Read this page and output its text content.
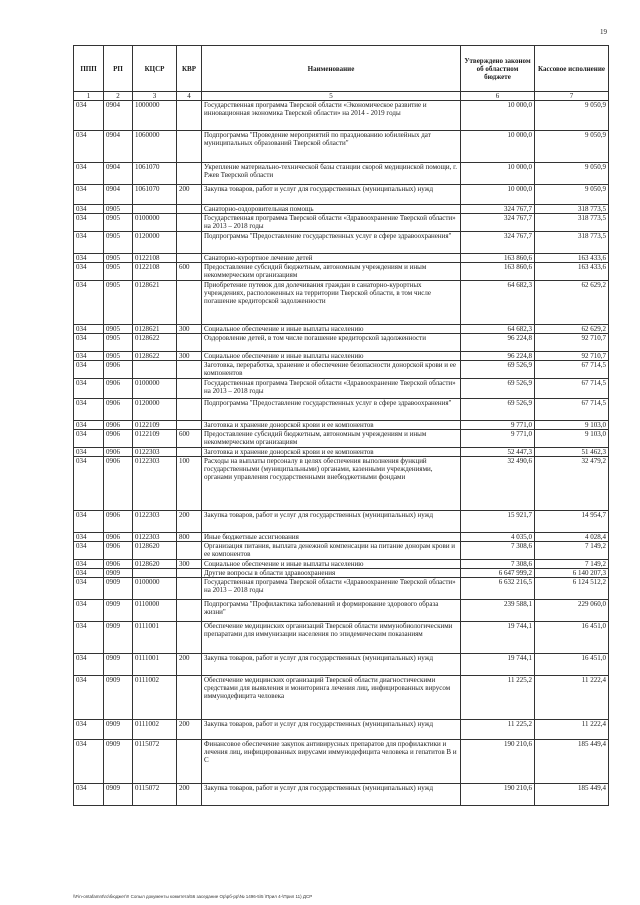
19
ППП	РП	КЦСР	КВР	Наименование	Утверждено законом об областном бюджете	Кассовое исполнение
1	2	3	4	5	6	7
034	0904	1000000		Государственная программа Тверской области «Экономическое развитие и инновационная экономика Тверской области» на 2014 - 2019 годы	10 000,0	9 050,9
034	0904	1060000		Подпрограмма "Проведение мероприятий по празднованию юбилейных дат муниципальных образований Тверской области"	10 000,0	9 050,9
034	0904	1061070		Укрепление материально-технической базы станции скорой медицинской помощи, г. Ржев Тверской области	10 000,0	9 050,9
034	0904	1061070	200	Закупка товаров, работ и услуг для государственных (муниципальных) нужд	10 000,0	9 050,9
034	0905			Санаторно-оздоровительная помощь	324 767,7	318 773,5
034	0905	0100000		Государственная программа Тверской области «Здравоохранение Тверской области» на 2013 – 2018 годы	324 767,7	318 773,5
034	0905	0120000		Подпрограмма "Предоставление государственных услуг в сфере здравоохранения"	324 767,7	318 773,5
034	0905	0122108		Санаторно-курортное лечение детей	163 860,6	163 433,6
034	0905	0122108	600	Предоставление субсидий бюджетным, автономным учреждениям и иным некоммерческим организациям	163 860,6	163 433,6
034	0905	0128621		Приобретение путевок для долечивания граждан в санаторно-курортных учреждениях, расположенных на территории Тверской области, в том числе погашение кредиторской задолженности	64 682,3	62 629,2
034	0905	0128621	300	Социальное обеспечение и иные выплаты населению	64 682,3	62 629,2
034	0905	0128622		Оздоровление детей, в том числе погашение кредиторской задолженности	96 224,8	92 710,7
034	0905	0128622	300	Социальное обеспечение и иные выплаты населению	96 224,8	92 710,7
034	0906			Заготовка, переработка, хранение и обеспечение безопасности донорской крови и ее компонентов	69 526,9	67 714,5
034	0906	0100000		Государственная программа Тверской области «Здравоохранение Тверской области» на 2013 – 2018 годы	69 526,9	67 714,5
034	0906	0120000		Подпрограмма "Предоставление государственных услуг в сфере здравоохранения"	69 526,9	67 714,5
034	0906	0122109		Заготовка и хранение донорской крови и ее компонентов	9 771,0	9 103,0
034	0906	0122109	600	Предоставление субсидий бюджетным, автономным учреждениям и иным некоммерческим организациям	9 771,0	9 103,0
034	0906	0122303		Заготовка и хранение донорской крови и ее компонентов	52 447,3	51 462,3
034	0906	0122303	100	Расходы на выплаты персоналу в целях обеспечения выполнения функций государственными (муниципальными) органами, казенными учреждениями, органами управления государственными внебюджетными фондами	32 490,6	32 479,2
034	0906	0122303	200	Закупка товаров, работ и услуг для государственных (муниципальных) нужд	15 921,7	14 954,7
034	0906	0122303	800	Иные бюджетные ассигнования	4 035,0	4 028,4
034	0906	0128620		Организация питания, выплата денежной компенсации на питание донорам крови и ее компонентов	7 308,6	7 149,2
034	0906	0128620	300	Социальное обеспечение и иные выплаты населению	7 308,6	7 149,2
034	0909			Другие вопросы в области здравоохранения	6 647 999,2	6 140 207,3
034	0909	0100000		Государственная программа Тверской области «Здравоохранение Тверской области» на 2013 – 2018 годы	6 632 216,5	6 124 512,2
034	0909	0110000		Подпрограмма "Профилактика заболеваний и формирование здорового образа жизни"	239 588,1	229 060,0
034	0909	0111001		Обеспечение медицинских организаций Тверской области иммунобиологическими препаратами для иммунизации населения по эпидемическим показаниям	19 744,1	16 451,0
034	0909	0111001	200	Закупка товаров, работ и услуг для государственных (муниципальных) нужд	19 744,1	16 451,0
034	0909	0111002		Обеспечение медицинских организаций Тверской области диагностическими средствами для выявления и мониторинга лечения лиц, инфицированных вирусом иммунодефицита человека	11 225,2	11 222,4
034	0909	0111002	200	Закупка товаров, работ и услуг для государственных (муниципальных) нужд	11 225,2	11 222,4
034	0909	0115072		Финансовое обеспечение закупок антивирусных препаратов для профилактики и лечения лиц, инфицированных вирусами иммунодефицита человека и гепатитов В и С	190 210,6	185 449,4
034	0909	0115072	200	Закупка товаров, работ и услуг для государственных (муниципальных) нужд	190 210,6	185 449,4
\\Fin-ontafamnt\ro\бюджет\!! Сопыл документы комитета\56 заседание Ор\pб-pp\№ 1496-5\5 \Прил 4-\Прил 11) ДСР
